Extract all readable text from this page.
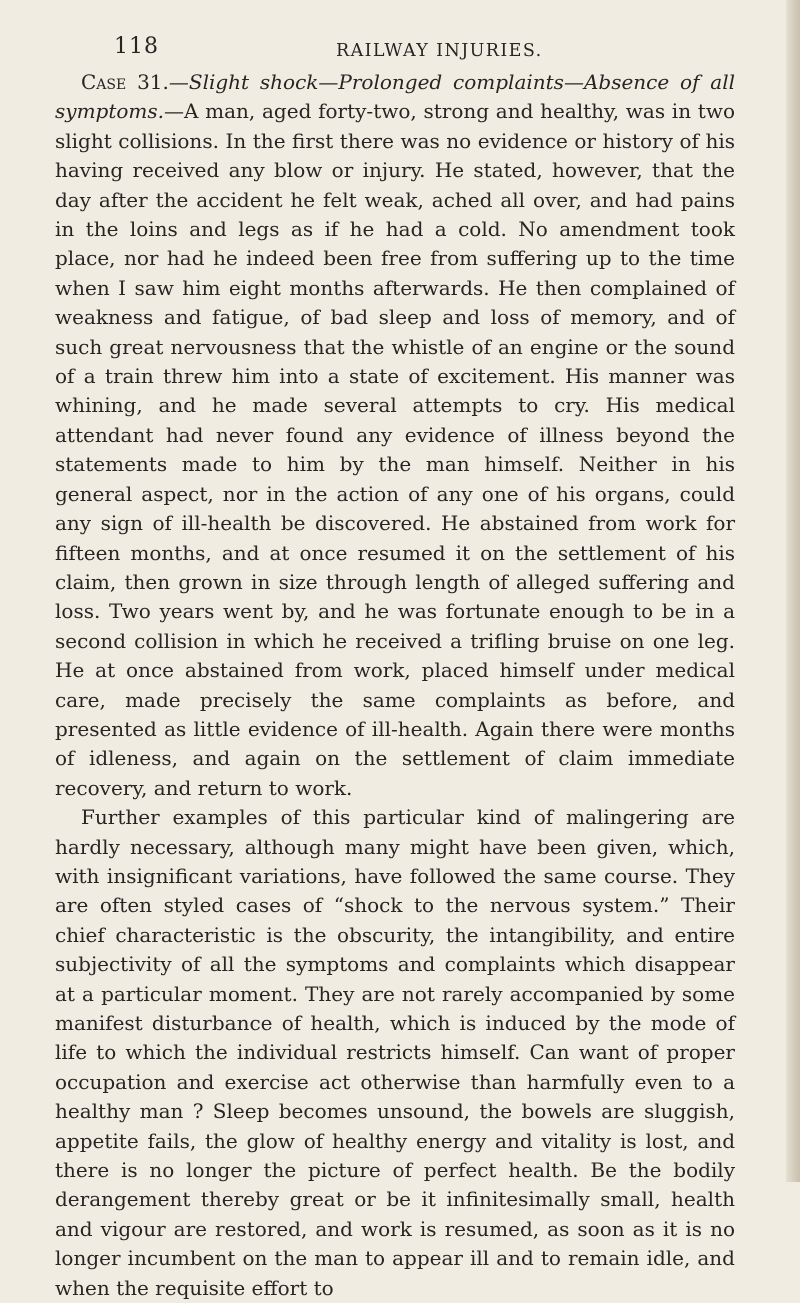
118	RAILWAY INJURIES.

Case 31.—Slight shock—Prolonged complaints—Absence of all symptoms.—A man, aged forty-two, strong and healthy, was in two slight collisions. In the first there was no evidence or history of his having received any blow or injury. He stated, however, that the day after the accident he felt weak, ached all over, and had pains in the loins and legs as if he had a cold. No amendment took place, nor had he indeed been free from suffering up to the time when I saw him eight months afterwards. He then complained of weakness and fatigue, of bad sleep and loss of memory, and of such great nervousness that the whistle of an engine or the sound of a train threw him into a state of excitement. His manner was whining, and he made several attempts to cry. His medical attendant had never found any evidence of illness beyond the statements made to him by the man himself. Neither in his general aspect, nor in the action of any one of his organs, could any sign of ill-health be discovered. He abstained from work for fifteen months, and at once resumed it on the settlement of his claim, then grown in size through length of alleged suffering and loss. Two years went by, and he was fortunate enough to be in a second collision in which he received a trifling bruise on one leg. He at once abstained from work, placed himself under medical care, made precisely the same complaints as before, and presented as little evidence of ill-health. Again there were months of idleness, and again on the settlement of claim immediate recovery, and return to work.

Further examples of this particular kind of malingering are hardly necessary, although many might have been given, which, with insignificant variations, have followed the same course. They are often styled cases of “shock to the nervous system.” Their chief characteristic is the obscurity, the intangibility, and entire subjectivity of all the symptoms and complaints which disappear at a particular moment. They are not rarely accompanied by some manifest disturbance of health, which is induced by the mode of life to which the individual restricts himself. Can want of proper occupation and exercise act otherwise than harmfully even to a healthy man ? Sleep becomes unsound, the bowels are sluggish, appetite fails, the glow of healthy energy and vitality is lost, and there is no longer the picture of perfect health. Be the bodily derangement thereby great or be it infinitesimally small, health and vigour are restored, and work is resumed, as soon as it is no longer incumbent on the man to appear ill and to remain idle, and when the requisite effort to
